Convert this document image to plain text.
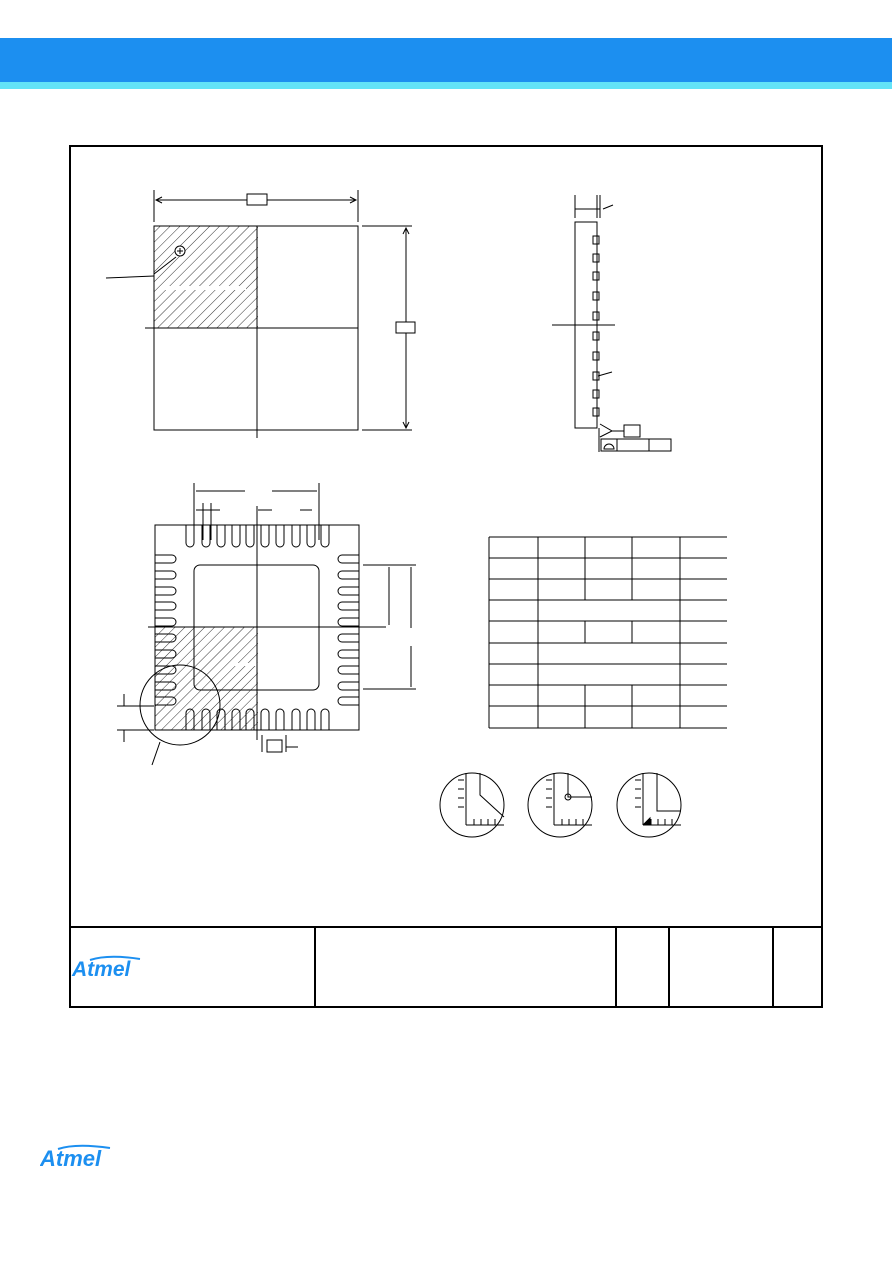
Atmel
Atmel
